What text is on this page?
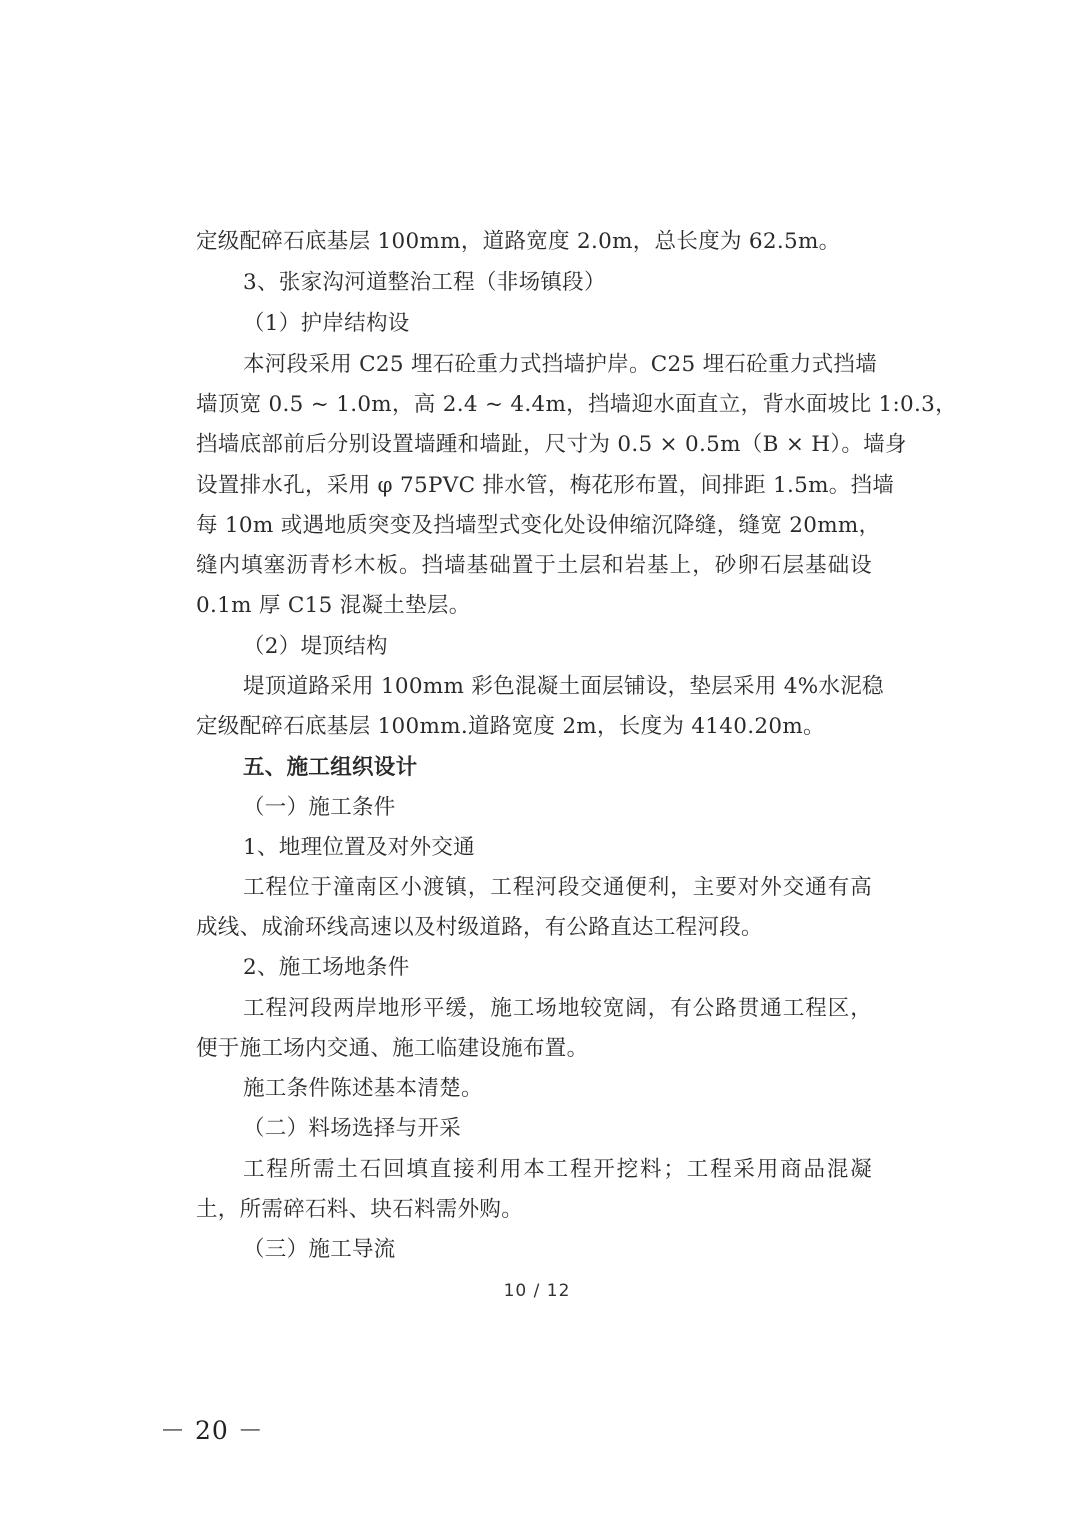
定级配碎石底基层 100mm，道路宽度 2.0m，总长度为 62.5m。
3、张家沟河道整治工程（非场镇段）
（1）护岸结构设
本河段采用 C25 埋石砼重力式挡墙护岸。C25 埋石砼重力式挡墙
墙顶宽 0.5 ~ 1.0m，高 2.4 ~ 4.4m，挡墙迎水面直立，背水面坡比 1:0.3，
挡墙底部前后分别设置墙踵和墙趾，尺寸为 0.5 × 0.5m（B × H）。墙身
设置排水孔，采用 φ 75PVC 排水管，梅花形布置，间排距 1.5m。挡墙
每 10m 或遇地质突变及挡墙型式变化处设伸缩沉降缝，缝宽 20mm，
缝内填塞沥青杉木板。挡墙基础置于土层和岩基上，砂卵石层基础设
0.1m 厚 C15 混凝土垫层。
（2）堤顶结构
堤顶道路采用 100mm 彩色混凝土面层铺设，垫层采用 4%水泥稳
定级配碎石底基层 100mm.道路宽度 2m，长度为 4140.20m。
五、施工组织设计
（一）施工条件
1、地理位置及对外交通
工程位于潼南区小渡镇，工程河段交通便利，主要对外交通有高
成线、成渝环线高速以及村级道路，有公路直达工程河段。
2、施工场地条件
工程河段两岸地形平缓，施工场地较宽阔，有公路贯通工程区，
便于施工场内交通、施工临建设施布置。
施工条件陈述基本清楚。
（二）料场选择与开采
工程所需土石回填直接利用本工程开挖料；工程采用商品混凝
土，所需碎石料、块石料需外购。
（三）施工导流
10 / 12
－ 20 －
